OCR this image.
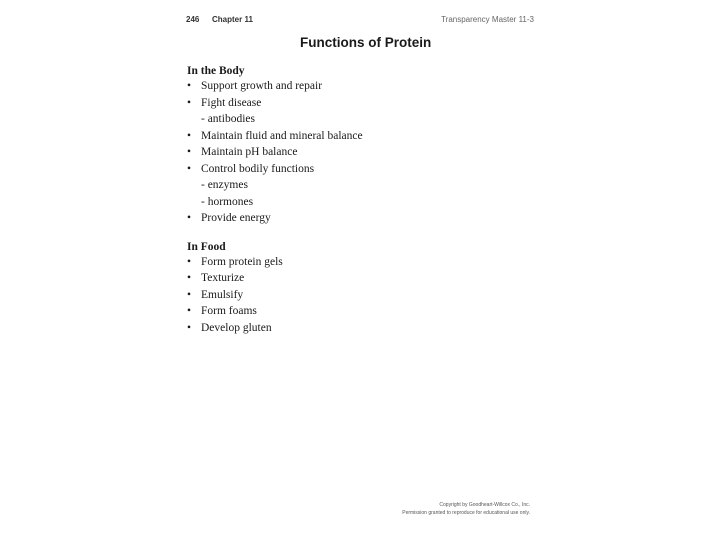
246 Chapter 11	Transparency Master 11-3
Functions of Protein
In the Body
• Support growth and repair
• Fight disease
- antibodies
• Maintain fluid and mineral balance
• Maintain pH balance
• Control bodily functions
- enzymes
- hormones
• Provide energy
In Food
• Form protein gels
• Texturize
• Emulsify
• Form foams
• Develop gluten
Copyright by Goodheart-Willcox Co., Inc.
Permission granted to reproduce for educational use only.
